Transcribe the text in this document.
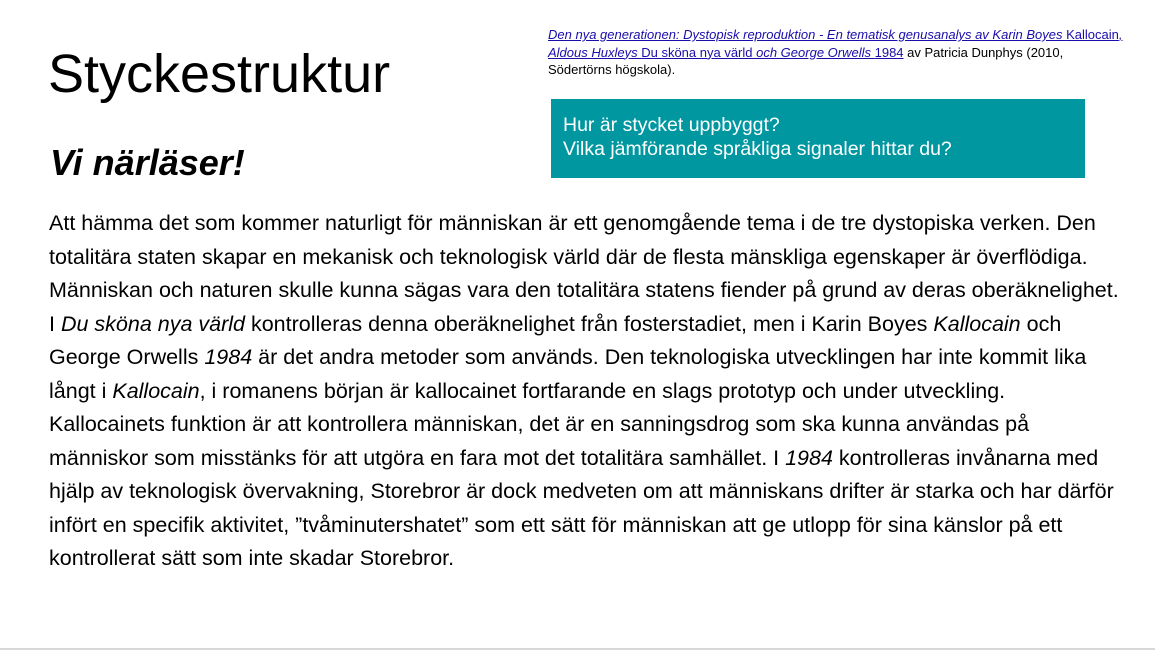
Styckestruktur
Vi närläser!
Den nya generationen: Dystopisk reproduktion - En tematisk genusanalys av Karin Boyes Kallocain, Aldous Huxleys Du sköna nya värld och George Orwells 1984 av Patricia Dunphys (2010, Södertörns högskola).
Hur är stycket uppbyggt?
Vilka jämförande språkliga signaler hittar du?

Att hämma det som kommer naturligt för människan är ett genomgående tema i de tre dystopiska verken. Den totalitära staten skapar en mekanisk och teknologisk värld där de flesta mänskliga egenskaper är överflödiga. Människan och naturen skulle kunna sägas vara den totalitära statens fiender på grund av deras oberäknelighet. I Du sköna nya värld kontrolleras denna oberäknelighet från fosterstadiet, men i Karin Boyes Kallocain och George Orwells 1984 är det andra metoder som används. Den teknologiska utvecklingen har inte kommit lika långt i Kallocain, i romanens början är kallocainet fortfarande en slags prototyp och under utveckling. Kallocainets funktion är att kontrollera människan, det är en sanningsdrog som ska kunna användas på människor som misstänks för att utgöra en fara mot det totalitära samhället. I 1984 kontrolleras invånarna med hjälp av teknologisk övervakning, Storebror är dock medveten om att människans drifter är starka och har därför infört en specifik aktivitet, ”tvåminutershatet” som ett sätt för människan att ge utlopp för sina känslor på ett kontrollerat sätt som inte skadar Storebror.
